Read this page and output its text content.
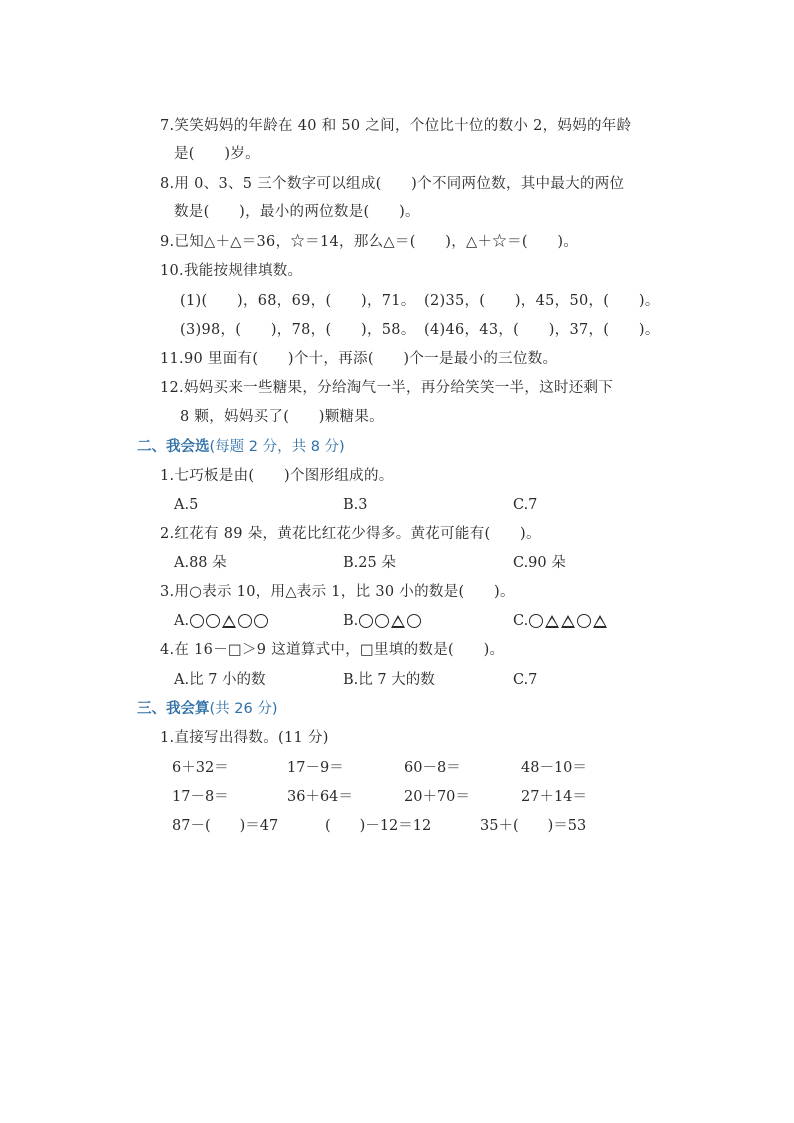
7.笑笑妈妈的年龄在 40 和 50 之间，个位比十位的数小 2，妈妈的年龄
是(　　)岁。
8.用 0、3、5 三个数字可以组成(　　)个不同两位数，其中最大的两位
数是(　　)，最小的两位数是(　　)。
9.已知△＋△＝36，☆＝14，那么△＝(　　)，△＋☆＝(　　)。
10.我能按规律填数。
(1)(　　)，68，69，(　　)，71。 (2)35，(　　)，45，50，(　　)。
(3)98，(　　)，78，(　　)，58。 (4)46，43，(　　)，37，(　　)。
11.90 里面有(　　)个十，再添(　　)个一是最小的三位数。
12.妈妈买来一些糖果，分给淘气一半，再分给笑笑一半，这时还剩下
8 颗，妈妈买了(　　)颗糖果。
二、我会选(每题 2 分，共 8 分)
1.七巧板是由(　　)个图形组成的。
A.5	B.3	C.7
2.红花有 89 朵，黄花比红花少得多。黄花可能有(　　)。
A.88 朵	B.25 朵	C.90 朵
3.用○表示 10，用△表示 1，比 30 小的数是(　　)。
A.	B.	C.
4.在 16－□＞9 这道算式中，□里填的数是(　　)。
A.比 7 小的数	B.比 7 大的数	C.7
三、我会算(共 26 分)
1.直接写出得数。(11 分)
6＋32＝	17－9＝	60－8＝	48－10＝
17－8＝	36＋64＝	20＋70＝	27＋14＝
87－(　　)＝47	(　　)－12＝12	35＋(　　)＝53
